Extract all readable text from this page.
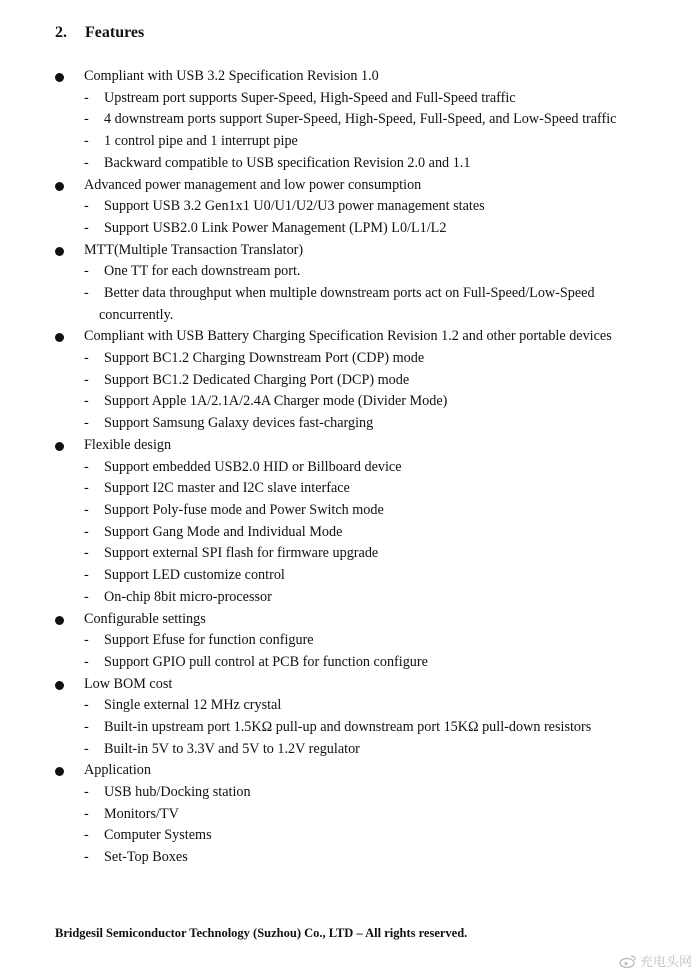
2. Features
Compliant with USB 3.2 Specification Revision 1.0
- Upstream port supports Super-Speed, High-Speed and Full-Speed traffic
- 4 downstream ports support Super-Speed, High-Speed, Full-Speed, and Low-Speed traffic
- 1 control pipe and 1 interrupt pipe
- Backward compatible to USB specification Revision 2.0 and 1.1
Advanced power management and low power consumption
- Support USB 3.2 Gen1x1 U0/U1/U2/U3 power management states
- Support USB2.0 Link Power Management (LPM) L0/L1/L2
MTT(Multiple Transaction Translator)
- One TT for each downstream port.
- Better data throughput when multiple downstream ports act on Full-Speed/Low-Speed
concurrently.
Compliant with USB Battery Charging Specification Revision 1.2 and other portable devices
- Support BC1.2 Charging Downstream Port (CDP) mode
- Support BC1.2 Dedicated Charging Port (DCP) mode
- Support Apple 1A/2.1A/2.4A Charger mode (Divider Mode)
- Support Samsung Galaxy devices fast-charging
Flexible design
- Support embedded USB2.0 HID or Billboard device
- Support I2C master and I2C slave interface
- Support Poly-fuse mode and Power Switch mode
- Support Gang Mode and Individual Mode
- Support external SPI flash for firmware upgrade
- Support LED customize control
- On-chip 8bit micro-processor
Configurable settings
- Support Efuse for function configure
- Support GPIO pull control at PCB for function configure
Low BOM cost
- Single external 12 MHz crystal
- Built-in upstream port 1.5KΩ pull-up and downstream port 15KΩ pull-down resistors
- Built-in 5V to 3.3V and 5V to 1.2V regulator
Application
- USB hub/Docking station
- Monitors/TV
- Computer Systems
- Set-Top Boxes
Bridgesil Semiconductor Technology (Suzhou) Co., LTD – All rights reserved.
充电头网
